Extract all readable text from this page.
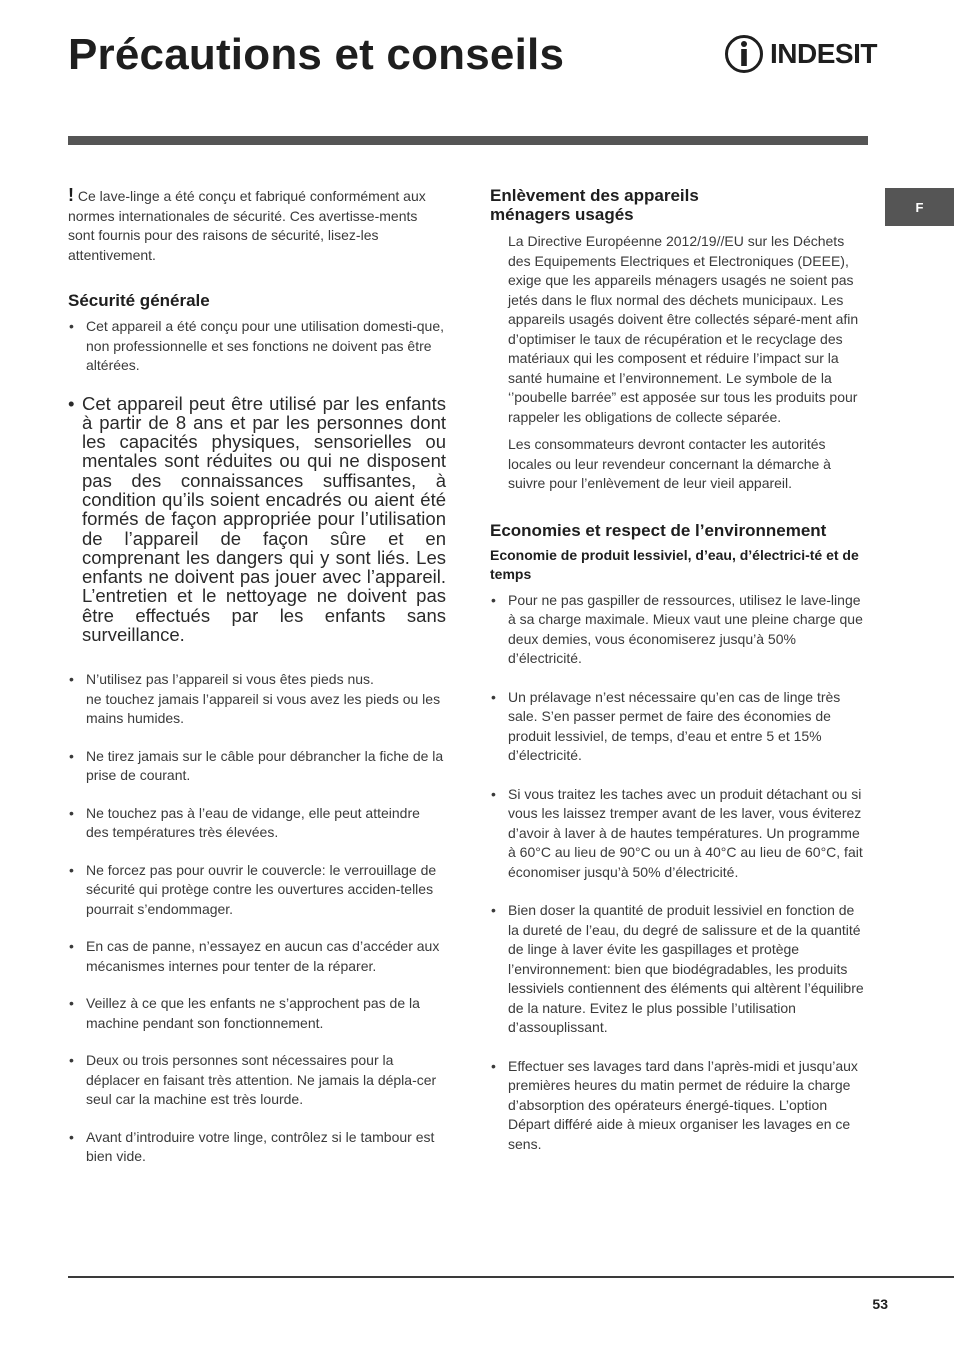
Précautions et conseils	INDESIT
F

! Ce lave-linge a été conçu et fabriqué conformément aux normes internationales de sécurité. Ces avertisse-ments sont fournis pour des raisons de sécurité, lisez-les attentivement.

Sécurité générale
• Cet appareil a été conçu pour une utilisation domesti-que, non professionnelle et ses fonctions ne doivent pas être altérées.
• Cet appareil peut être utilisé par les enfants à partir de 8 ans et par les personnes dont les capacités physiques, sensorielles ou mentales sont réduites ou qui ne disposent pas des connaissances suffisantes, à condition qu’ils soient encadrés ou aient été formés de façon appropriée pour l’utilisation de l’appareil de façon sûre et en comprenant les dangers qui y sont liés. Les enfants ne doivent pas jouer avec l’appareil. L’entretien et le nettoyage ne doivent pas être effectués par les enfants sans surveillance.
• N’utilisez pas l’appareil si vous êtes pieds nus.
ne touchez jamais l’appareil si vous avez les pieds ou les mains humides.
• Ne tirez jamais sur le câble pour débrancher la fiche de la prise de courant.
• Ne touchez pas à l’eau de vidange, elle peut atteindre des températures très élevées.
• Ne forcez pas pour ouvrir le couvercle: le verrouillage de sécurité qui protège contre les ouvertures acciden-telles pourrait s’endommager.
• En cas de panne, n’essayez en aucun cas d’accéder aux mécanismes internes pour tenter de la réparer.
• Veillez à ce que les enfants ne s’approchent pas de la machine pendant son fonctionnement.
• Deux ou trois personnes sont nécessaires pour la déplacer en faisant très attention. Ne jamais la dépla-cer seul car la machine est très lourde.
• Avant d’introduire votre linge, contrôlez si le tambour est bien vide.
Enlèvement des appareils ménagers usagés

La Directive Européenne 2012/19//EU sur les Déchets des Equipements Electriques et Electroniques (DEEE), exige que les appareils ménagers usagés ne soient pas jetés dans le flux normal des déchets municipaux. Les appareils usagés doivent être collectés séparé-ment afin d’optimiser le taux de récupération et le recyclage des matériaux qui les composent et réduire l’impact sur la santé humaine et l’environnement. Le symbole de la ‘’poubelle barrée” est apposée sur tous les produits pour rappeler les obligations de collecte séparée.

Les consommateurs devront contacter les autorités locales ou leur revendeur concernant la démarche à suivre pour l’enlèvement de leur vieil appareil.

Economies et respect de l’environnement
Economie de produit lessiviel, d’eau, d’électrici-té et de temps
• Pour ne pas gaspiller de ressources, utilisez le lave-linge à sa charge maximale. Mieux vaut une pleine charge que deux demies, vous économiserez jusqu’à 50% d’électricité.
• Un prélavage n’est nécessaire qu’en cas de linge très sale. S’en passer permet de faire des économies de produit lessiviel, de temps, d’eau et entre 5 et 15% d’électricité.
• Si vous traitez les taches avec un produit détachant ou si vous les laissez tremper avant de les laver, vous éviterez d’avoir à laver à de hautes températures. Un programme à 60°C au lieu de 90°C ou un à 40°C au lieu de 60°C, fait économiser jusqu’à 50% d’électricité.
• Bien doser la quantité de produit lessiviel en fonction de la dureté de l’eau, du degré de salissure et de la quantité de linge à laver évite les gaspillages et protège l’environnement: bien que biodégradables, les produits lessiviels contiennent des éléments qui altèrent l’équilibre de la nature. Evitez le plus possible l’utilisation d’assouplissant.
• Effectuer ses lavages tard dans l’après-midi et jusqu’aux premières heures du matin permet de réduire la charge d’absorption des opérateurs énergé-tiques. L’option Départ différé aide à mieux organiser les lavages en ce sens.
53
